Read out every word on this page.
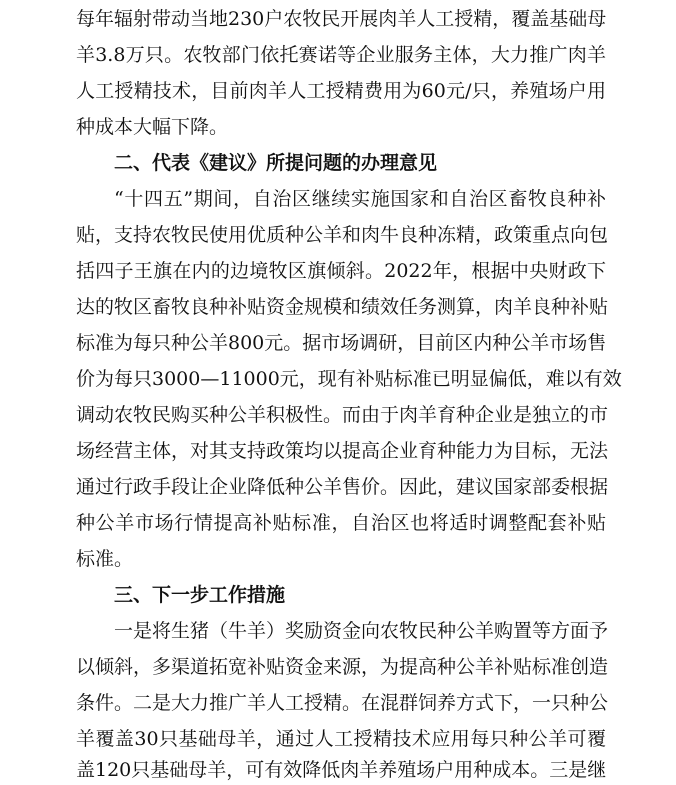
每年辐射带动当地230户农牧民开展肉羊人工授精，覆盖基础母
羊3.8万只。农牧部门依托赛诺等企业服务主体，大力推广肉羊
人工授精技术，目前肉羊人工授精费用为60元/只，养殖场户用
种成本大幅下降。
二、代表《建议》所提问题的办理意见
“十四五”期间，自治区继续实施国家和自治区畜牧良种补
贴，支持农牧民使用优质种公羊和肉牛良种冻精，政策重点向包
括四子王旗在内的边境牧区旗倾斜。2022年，根据中央财政下
达的牧区畜牧良种补贴资金规模和绩效任务测算，肉羊良种补贴
标准为每只种公羊800元。据市场调研，目前区内种公羊市场售
价为每只3000—11000元，现有补贴标准已明显偏低，难以有效
调动农牧民购买种公羊积极性。而由于肉羊育种企业是独立的市
场经营主体，对其支持政策均以提高企业育种能力为目标，无法
通过行政手段让企业降低种公羊售价。因此，建议国家部委根据
种公羊市场行情提高补贴标准，自治区也将适时调整配套补贴
标准。
三、下一步工作措施
一是将生猪（牛羊）奖励资金向农牧民种公羊购置等方面予
以倾斜，多渠道拓宽补贴资金来源，为提高种公羊补贴标准创造
条件。二是大力推广羊人工授精。在混群饲养方式下，一只种公
羊覆盖30只基础母羊，通过人工授精技术应用每只种公羊可覆
盖120只基础母羊，可有效降低肉羊养殖场户用种成本。三是继
